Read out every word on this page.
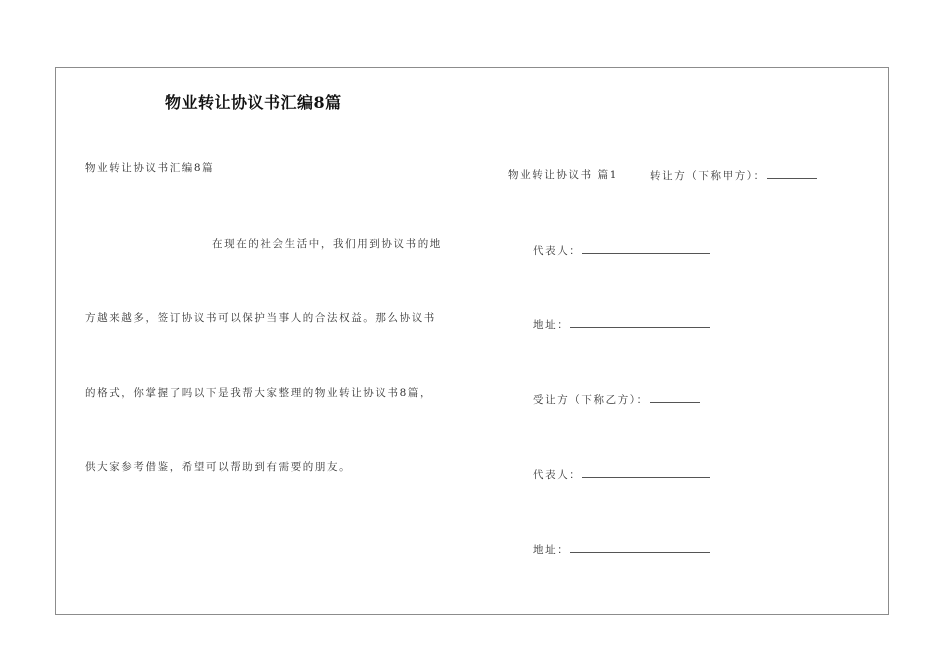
物业转让协议书汇编8篇
物业转让协议书汇编8篇
在现在的社会生活中，我们用到协议书的地
方越来越多，签订协议书可以保护当事人的合法权益。那么协议书
的格式，你掌握了吗以下是我帮大家整理的物业转让协议书8篇，
供大家参考借鉴，希望可以帮助到有需要的朋友。
物业转让协议书 篇1	转让方（下称甲方）：
代表人：
地址：
受让方（下称乙方）：
代表人：
地址：
